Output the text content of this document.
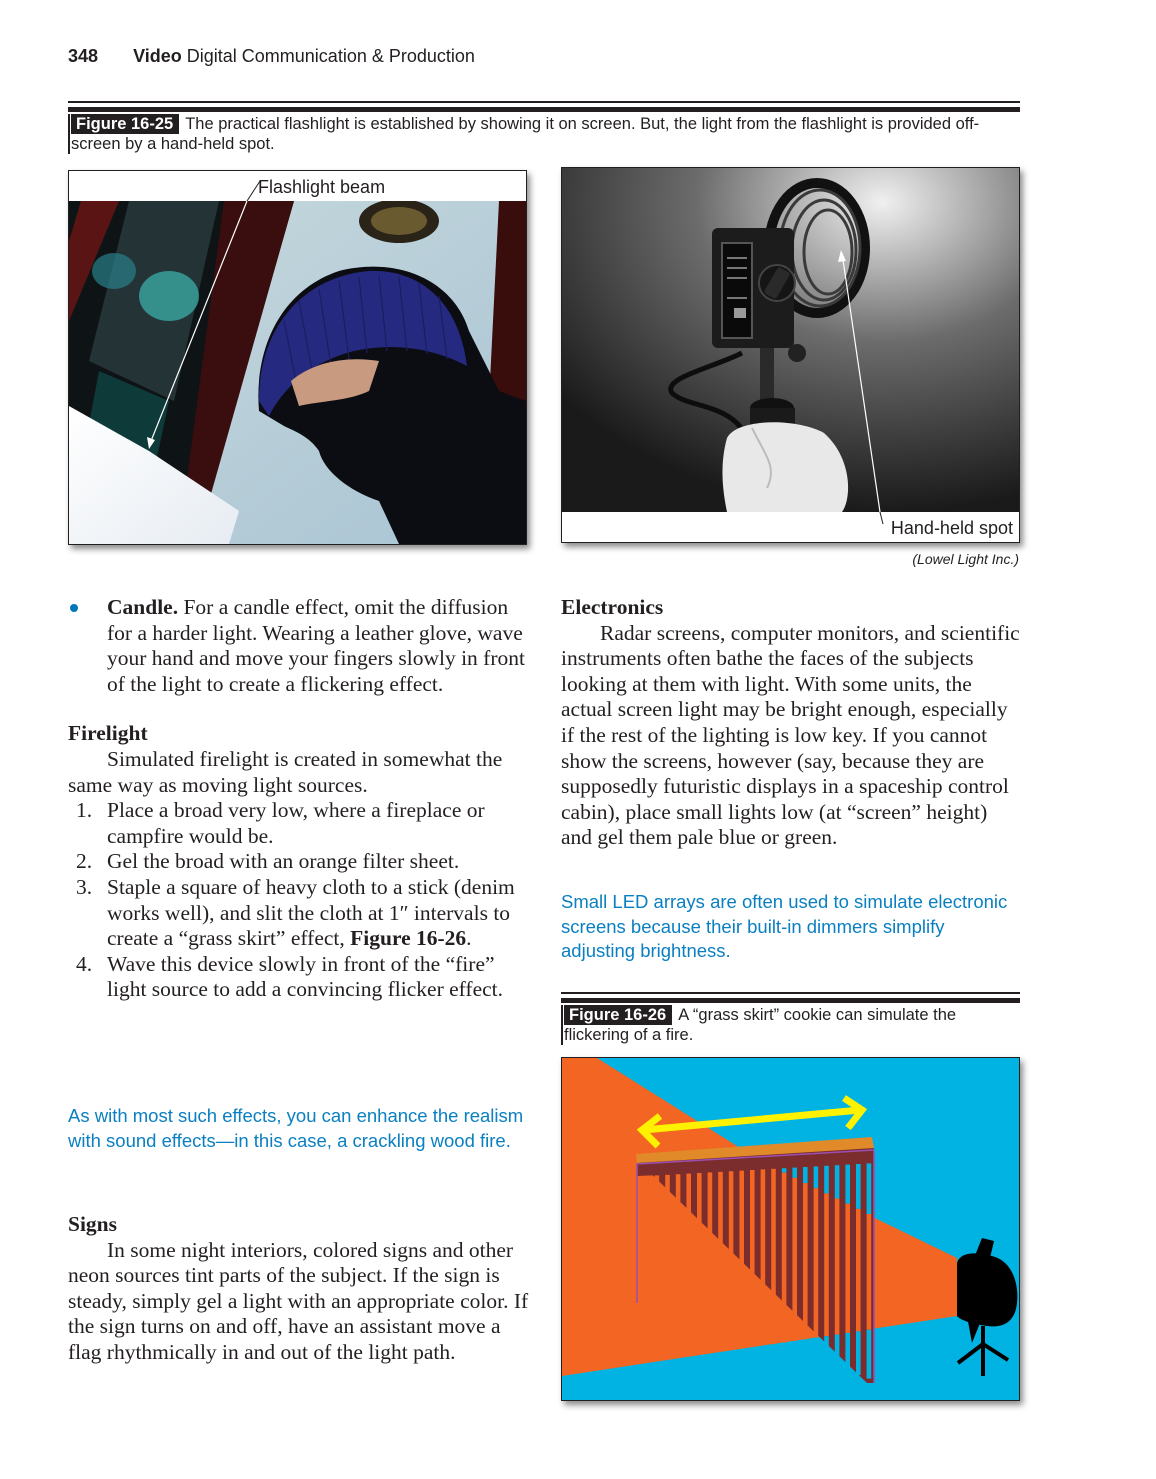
348 Video Digital Communication & Production
Figure 16-25 The practical flashlight is established by showing it on screen. But, the light from the flashlight is provided off-screen by a hand-held spot.
Flashlight beam
Hand-held spot
(Lowel Light Inc.)
Candle. For a candle effect, omit the diffusion for a harder light. Wearing a leather glove, wave your hand and move your fingers slowly in front of the light to create a flickering effect.
Firelight

Simulated firelight is created in somewhat the same way as moving light sources.

1. Place a broad very low, where a fireplace or campfire would be.
2. Gel the broad with an orange filter sheet.
3. Staple a square of heavy cloth to a stick (denim works well), and slit the cloth at 1″ intervals to create a “grass skirt” effect, Figure 16-26.
4. Wave this device slowly in front of the “fire” light source to add a convincing flicker effect.
As with most such effects, you can enhance the realism with sound effects—in this case, a crackling wood fire.
Signs

In some night interiors, colored signs and other neon sources tint parts of the subject. If the sign is steady, simply gel a light with an appropriate color. If the sign turns on and off, have an assistant move a flag rhythmically in and out of the light path.

Electronics

Radar screens, computer monitors, and scientific instruments often bathe the faces of the subjects looking at them with light. With some units, the actual screen light may be bright enough, especially if the rest of the lighting is low key. If you cannot show the screens, however (say, because they are supposedly futuristic displays in a spaceship control cabin), place small lights low (at “screen” height) and gel them pale blue or green.

Small LED arrays are often used to simulate electronic screens because their built-in dimmers simplify adjusting brightness.
Figure 16-26 A “grass skirt” cookie can simulate the flickering of a fire.
